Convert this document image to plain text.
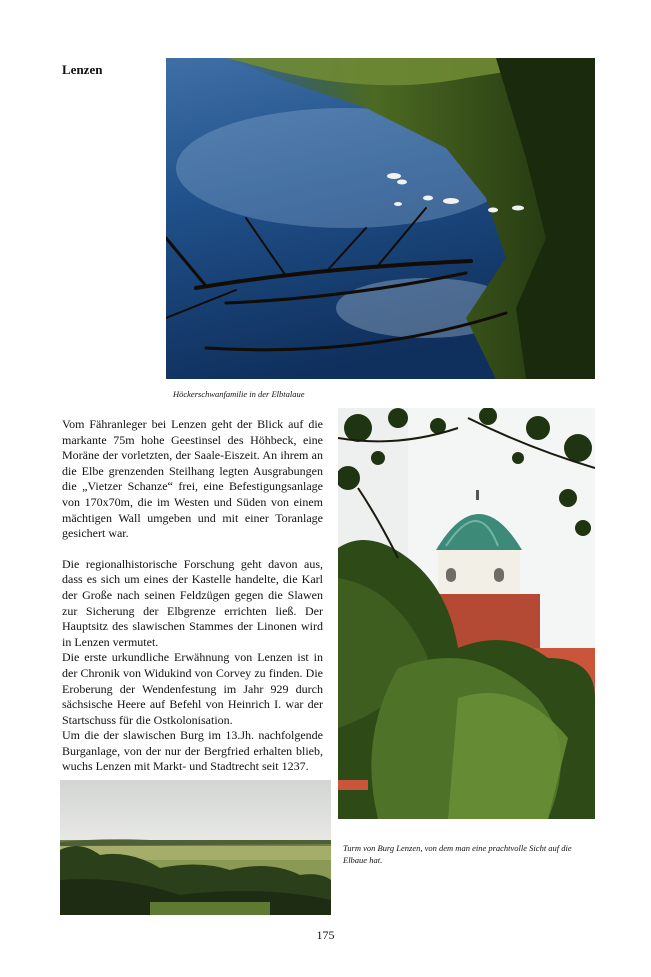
Lenzen
Höckerschwanfamilie in der Elbtalaue
Turm von Burg Lenzen, von dem man eine prachtvolle Sicht auf die Elbaue hat.

Vom Fähranleger bei Lenzen geht der Blick auf die markante 75m hohe Geestinsel des Höhbeck, eine Moräne der vorletzten, der Saale-Eiszeit. An ihrem an die Elbe grenzenden Steilhang legten Ausgrabungen die „Vietzer Schanze“ frei, eine Befestigungsanlage von 170x70m, die im Westen und Süden von einem mächtigen Wall umgeben und mit einer Toranlage gesichert war.

Die regionalhistorische Forschung geht davon aus, dass es sich um eines der Kastelle handelte, die Karl der Große nach seinen Feldzügen gegen die Slawen zur Sicherung der Elbgrenze errichten ließ. Der Hauptsitz des slawischen Stammes der Linonen wird in Lenzen vermutet.

Die erste urkundliche Erwähnung von Lenzen ist in der Chronik von Widukind von Corvey zu finden. Die Eroberung der Wendenfestung im Jahr 929 durch sächsische Heere auf Befehl von Heinrich I. war der Startschuss für die Ostkolonisation.

Um die der slawischen Burg im 13.Jh. nachfolgende Burganlage, von der nur der Bergfried erhalten blieb, wuchs Lenzen mit Markt- und Stadtrecht seit 1237.

175
